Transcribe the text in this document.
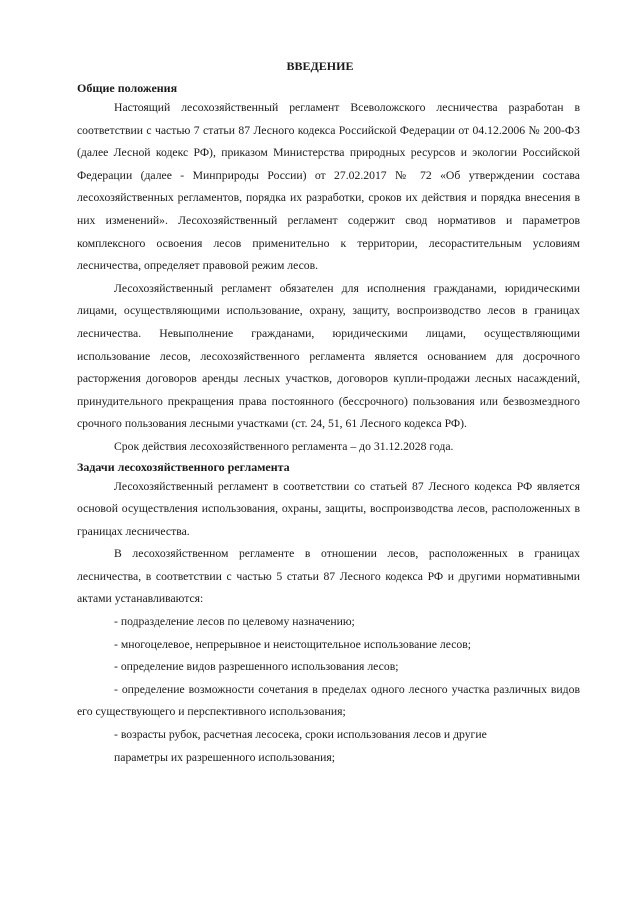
ВВЕДЕНИЕ
Общие положения

Настоящий лесохозяйственный регламент Всеволожского лесничества разработан в соответствии с частью 7 статьи 87 Лесного кодекса Российской Федерации от 04.12.2006 № 200-ФЗ (далее Лесной кодекс РФ), приказом Министерства природных ресурсов и экологии Российской Федерации (далее - Минприроды России) от 27.02.2017 № 72 «Об утверждении состава лесохозяйственных регламентов, порядка их разработки, сроков их действия и порядка внесения в них изменений». Лесохозяйственный регламент содержит свод нормативов и параметров комплексного освоения лесов применительно к территории, лесорастительным условиям лесничества, определяет правовой режим лесов.

Лесохозяйственный регламент обязателен для исполнения гражданами, юридическими лицами, осуществляющими использование, охрану, защиту, воспроизводство лесов в границах лесничества. Невыполнение гражданами, юридическими лицами, осуществляющими использование лесов, лесохозяйственного регламента является основанием для досрочного расторжения договоров аренды лесных участков, договоров купли-продажи лесных насаждений, принудительного прекращения права постоянного (бессрочного) пользования или безвозмездного срочного пользования лесными участками (ст. 24, 51, 61 Лесного кодекса РФ).

Срок действия лесохозяйственного регламента – до 31.12.2028 года.

Задачи лесохозяйственного регламента

Лесохозяйственный регламент в соответствии со статьей 87 Лесного кодекса РФ является основой осуществления использования, охраны, защиты, воспроизводства лесов, расположенных в границах лесничества.

В лесохозяйственном регламенте в отношении лесов, расположенных в границах лесничества, в соответствии с частью 5 статьи 87 Лесного кодекса РФ и другими нормативными актами устанавливаются:

- подразделение лесов по целевому назначению;

- многоцелевое, непрерывное и неистощительное использование лесов;

- определение видов разрешенного использования лесов;

- определение возможности сочетания в пределах одного лесного участка различных видов его существующего и перспективного использования;

- возрасты рубок, расчетная лесосека, сроки использования лесов и другие

параметры их разрешенного использования;
